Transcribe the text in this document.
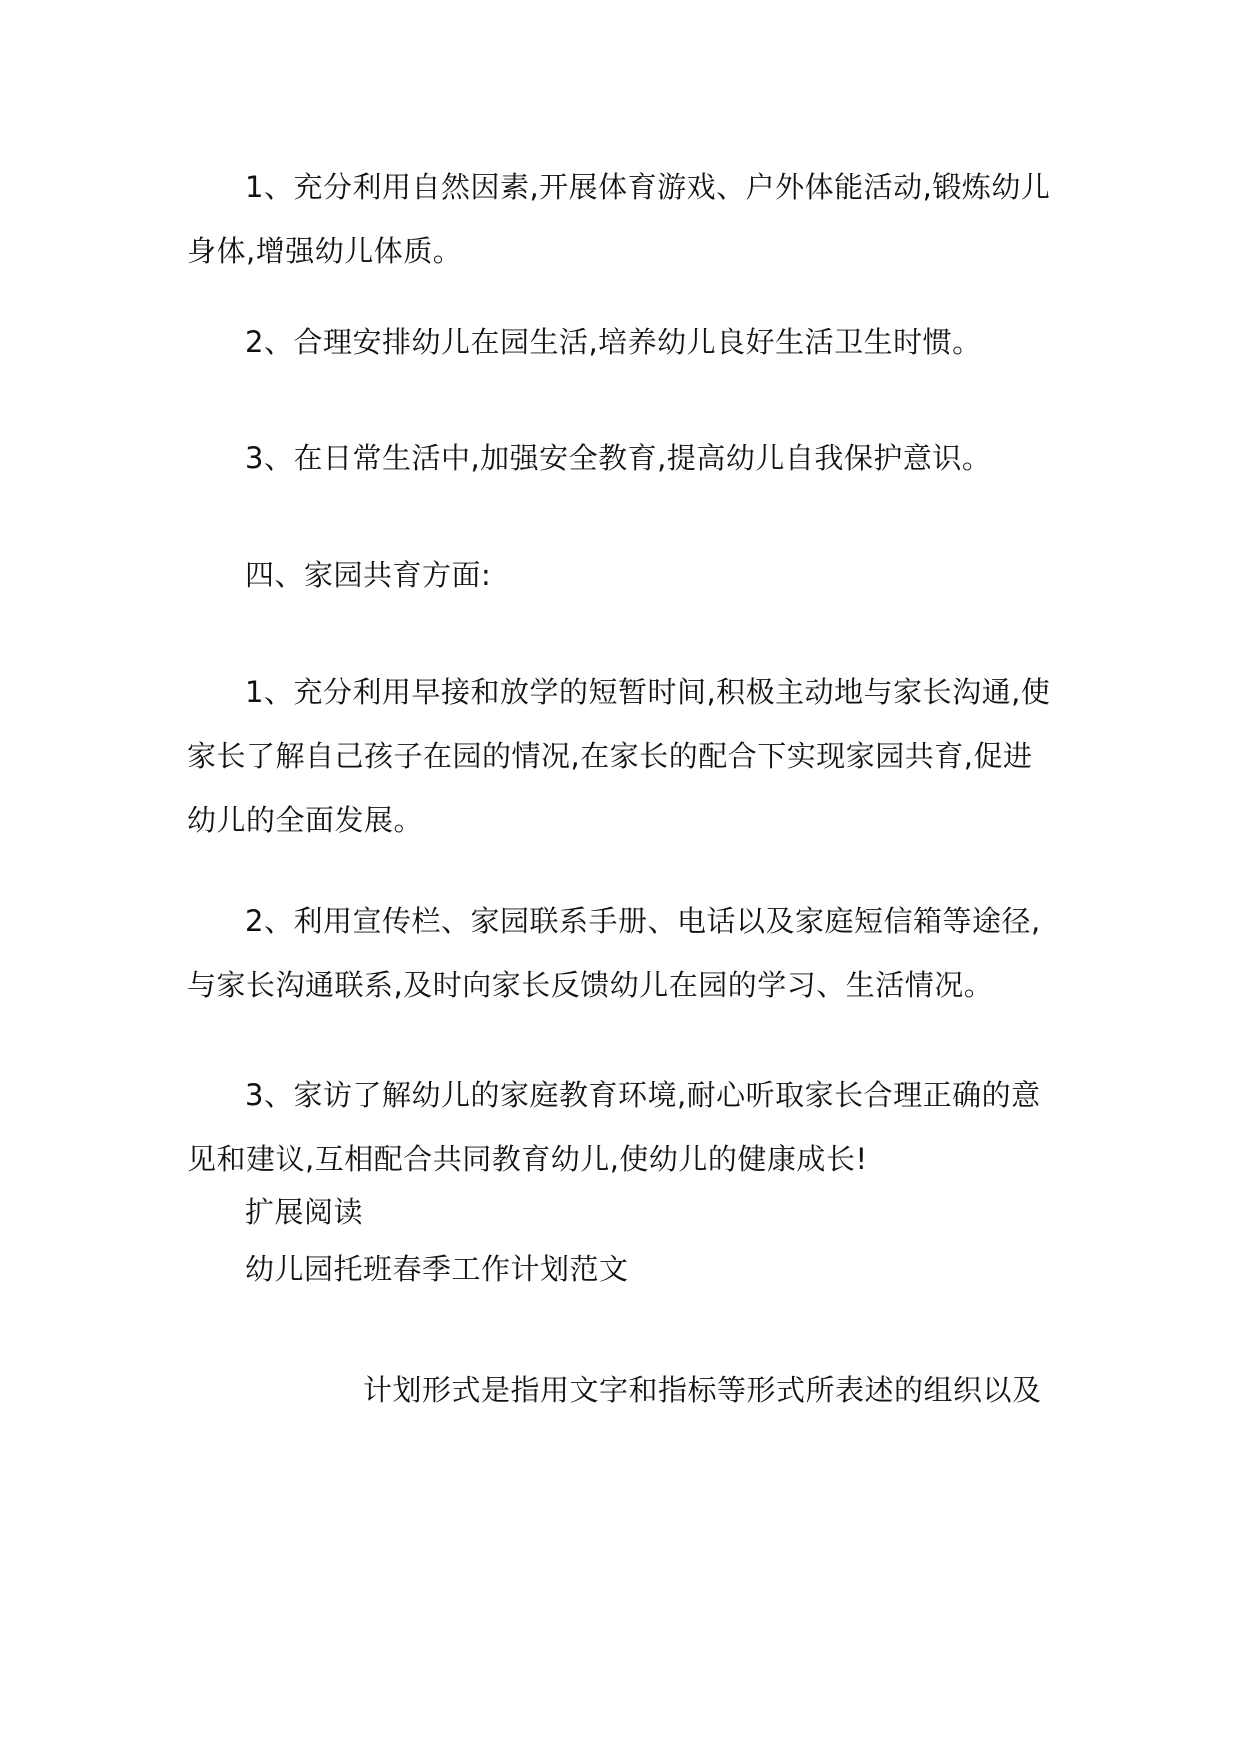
1、充分利用自然因素,开展体育游戏、户外体能活动,锻炼幼儿身体,增强幼儿体质。

2、合理安排幼儿在园生活,培养幼儿良好生活卫生时惯。

3、在日常生活中,加强安全教育,提高幼儿自我保护意识。

四、家园共育方面:

1、充分利用早接和放学的短暂时间,积极主动地与家长沟通,使家长了解自己孩子在园的情况,在家长的配合下实现家园共育,促进幼儿的全面发展。

2、利用宣传栏、家园联系手册、电话以及家庭短信箱等途径,与家长沟通联系,及时向家长反馈幼儿在园的学习、生活情况。

3、家访了解幼儿的家庭教育环境,耐心听取家长合理正确的意见和建议,互相配合共同教育幼儿,使幼儿的健康成长!

扩展阅读

幼儿园托班春季工作计划范文

计划形式是指用文字和指标等形式所表述的组织以及
